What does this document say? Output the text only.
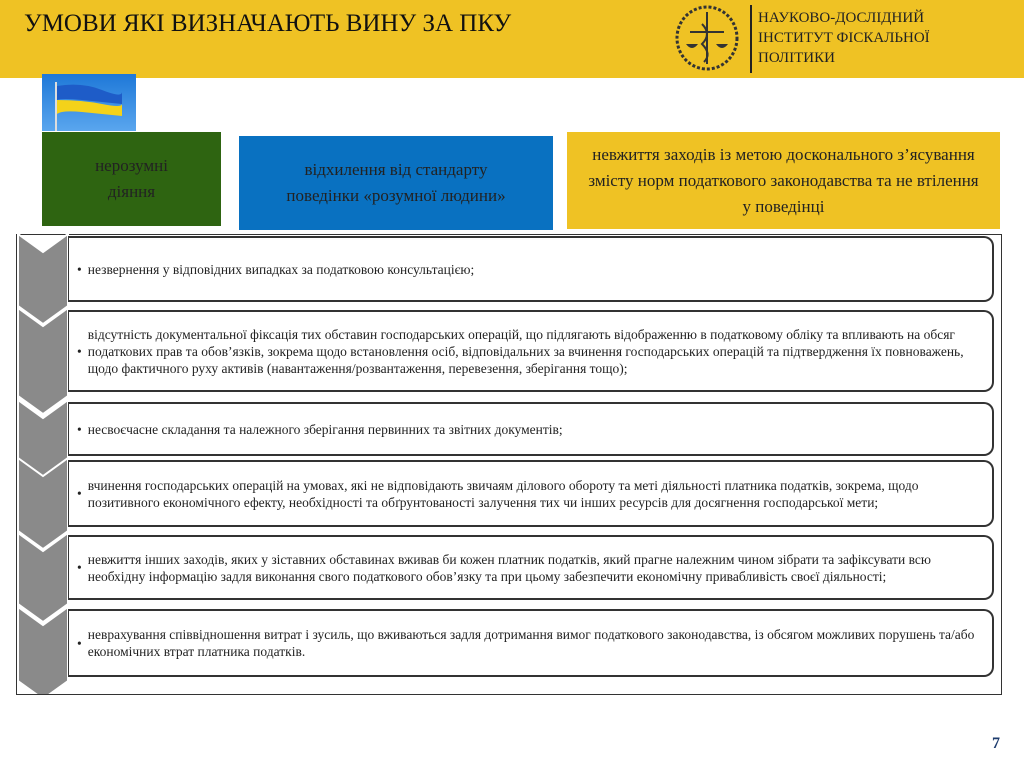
УМОВИ ЯКІ ВИЗНАЧАЮТЬ ВИНУ ЗА ПКУ	НАУКОВО-ДОСЛІДНИЙ
ІНСТИТУТ ФІСКАЛЬНОЇ
ПОЛІТИКИ
нерозумні діяння
відхилення від стандарту поведінки «розумної людини»
невжиття заходів із метою досконального з’ясування змісту норм податкового законодавства та не втілення у поведінці
• незвернення у відповідних випадках за податковою консультацією;
•
відсутність документальної фіксація тих обставин господарських операцій, що підлягають відображенню в податковому обліку та впливають на обсяг податкових прав та обов’язків, зокрема щодо встановлення осіб, відповідальних за вчинення господарських операцій та підтвердження їх повноважень, щодо фактичного руху активів (навантаження/розвантаження, перевезення, зберігання тощо);
• несвоєчасне складання та належного зберігання первинних та звітних документів;
•
вчинення господарських операцій на умовах, які не відповідають звичаям ділового обороту та меті діяльності платника податків, зокрема, щодо позитивного економічного ефекту, необхідності та обґрунтованості залучення тих чи інших ресурсів для досягнення господарської мети;
•
невжиття інших заходів, яких у зіставних обставинах вживав би кожен платник податків, який прагне належним чином зібрати та зафіксувати всю необхідну інформацію задля виконання свого податкового обов’язку та при цьому забезпечити економічну привабливість своєї діяльності;
•
неврахування співвідношення витрат і зусиль, що вживаються задля дотримання вимог податкового законодавства, із обсягом можливих порушень та/або економічних втрат платника податків.
7
